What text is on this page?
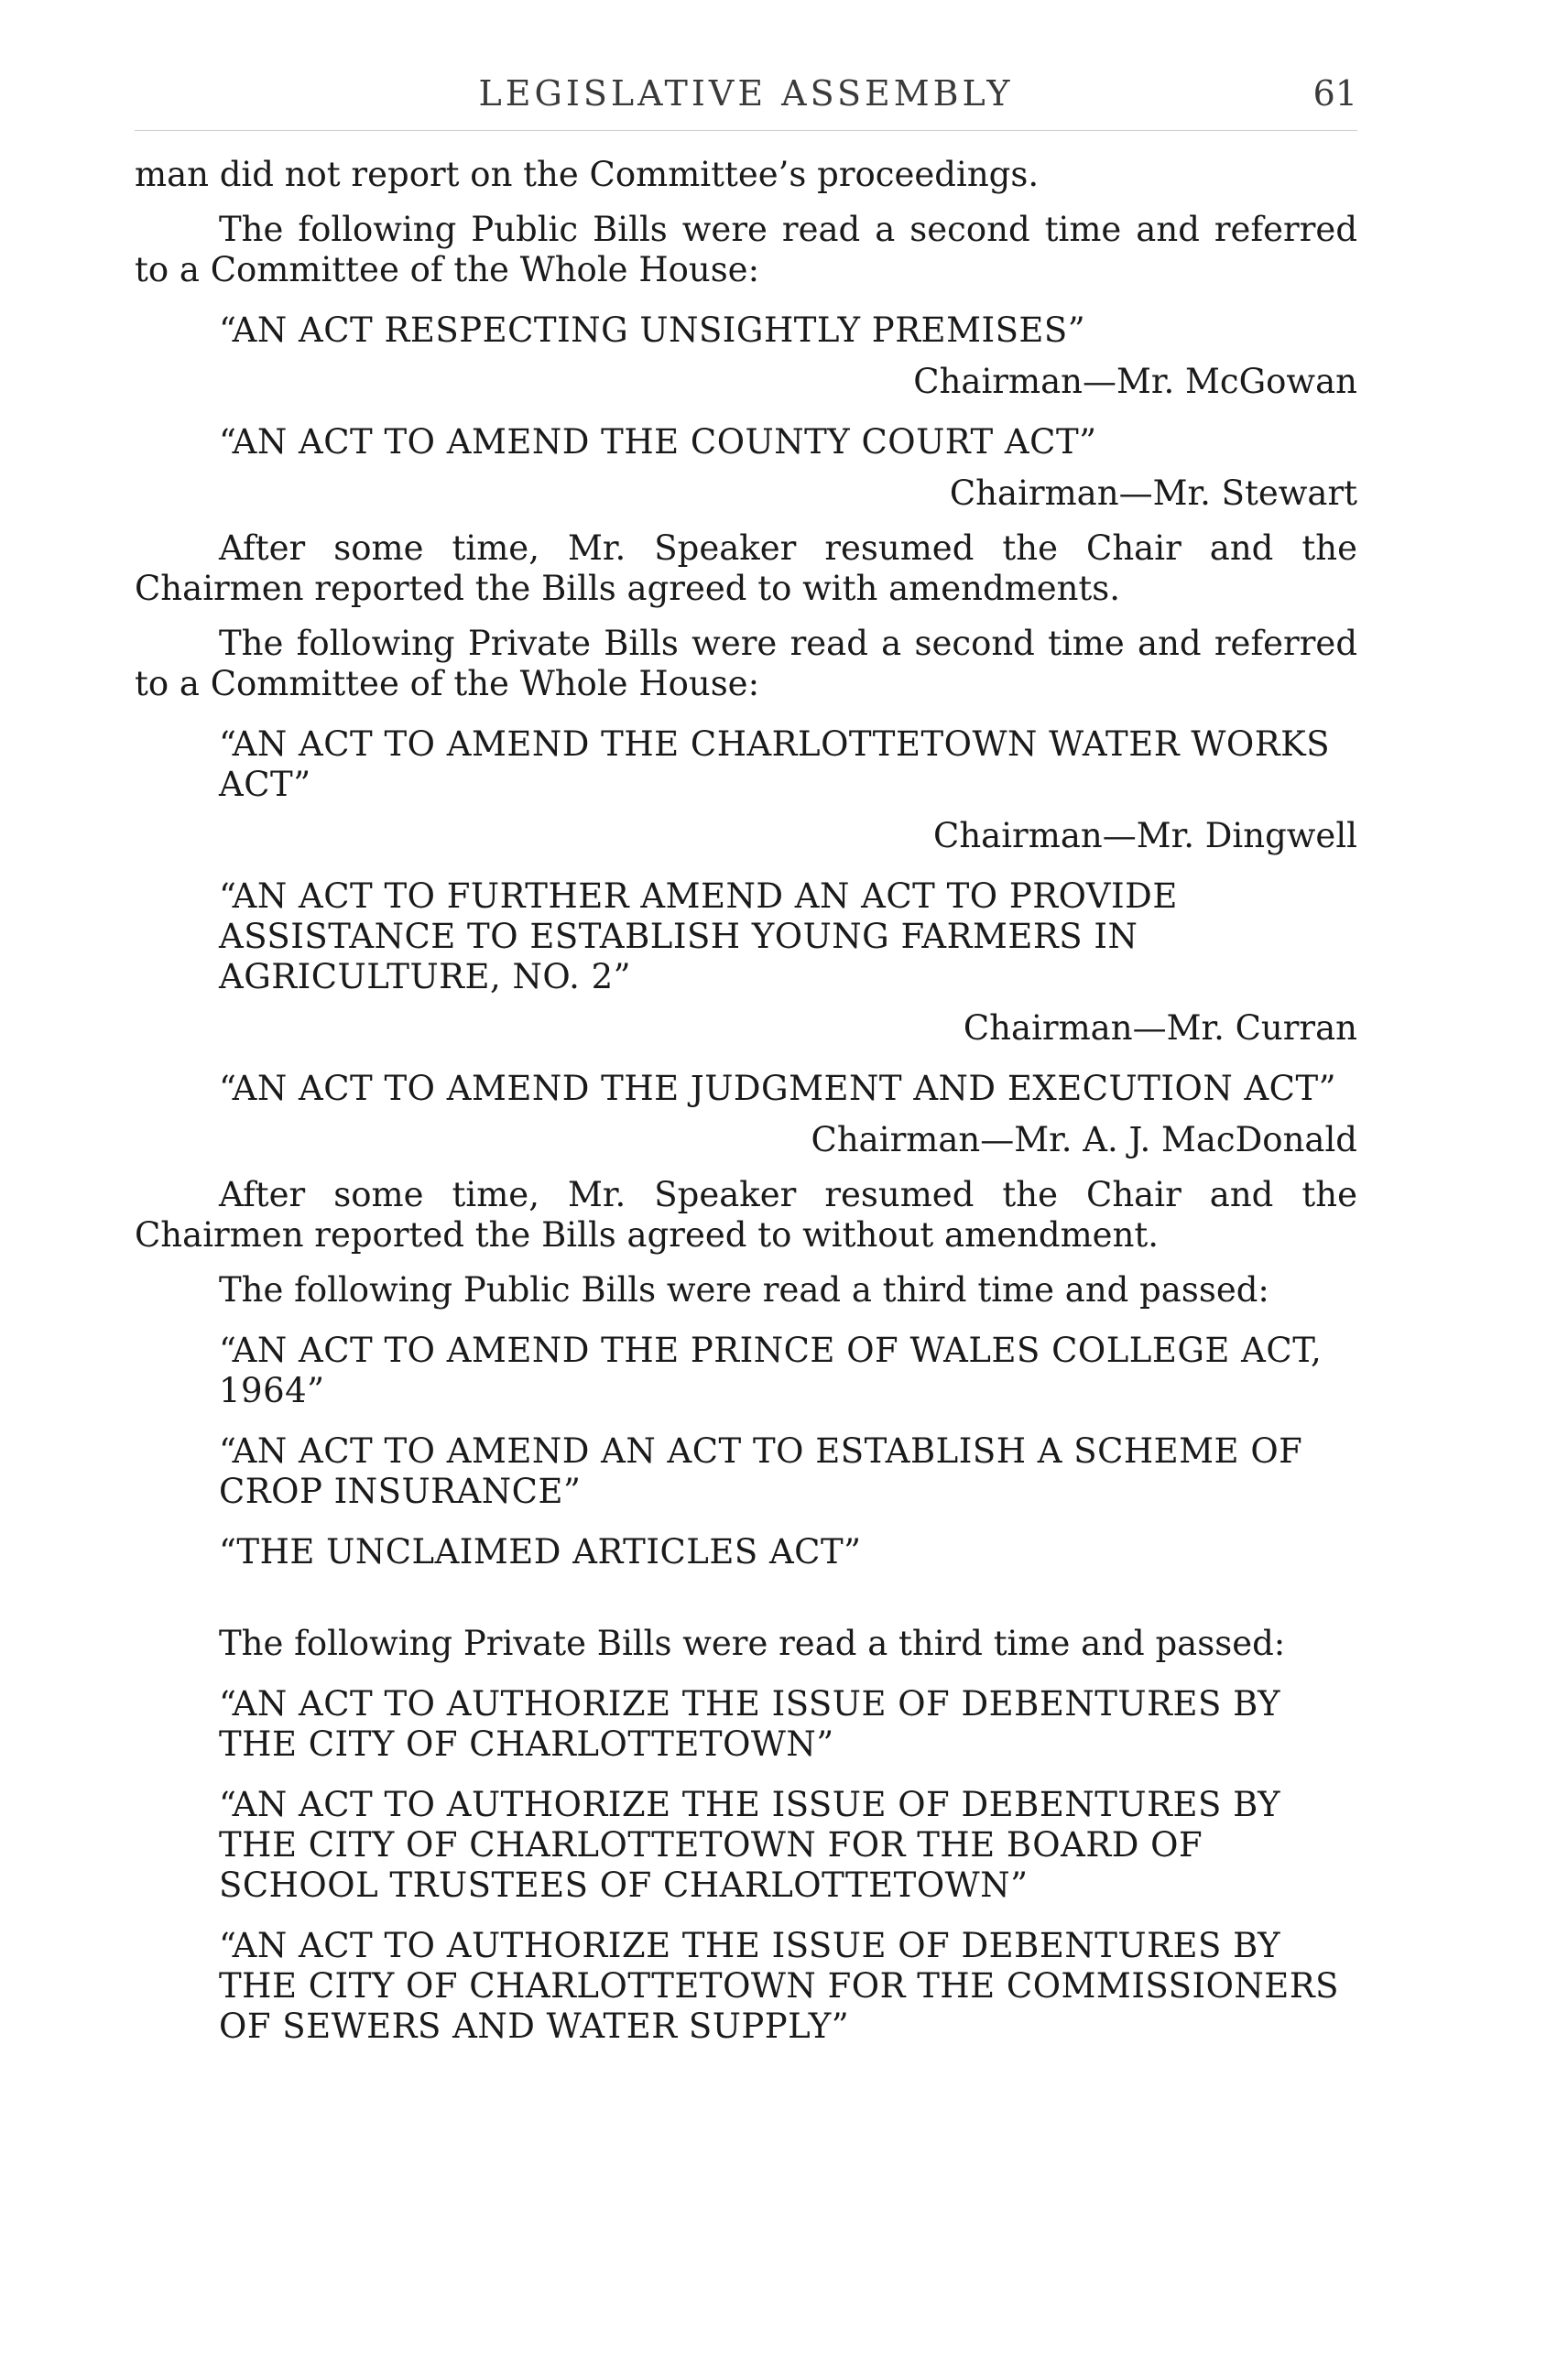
LEGISLATIVE ASSEMBLY	61

man did not report on the Committee’s proceedings.

The following Public Bills were read a second time and referred to a Committee of the Whole House:

“AN ACT RESPECTING UNSIGHTLY PREMISES”

Chairman—Mr. McGowan

“AN ACT TO AMEND THE COUNTY COURT ACT”

Chairman—Mr. Stewart

After some time, Mr. Speaker resumed the Chair and the Chairmen reported the Bills agreed to with amendments.

The following Private Bills were read a second time and referred to a Committee of the Whole House:

“AN ACT TO AMEND THE CHARLOTTETOWN WATER WORKS ACT”

Chairman—Mr. Dingwell

“AN ACT TO FURTHER AMEND AN ACT TO PROVIDE ASSISTANCE TO ESTABLISH YOUNG FARMERS IN AGRICULTURE, NO. 2”

Chairman—Mr. Curran

“AN ACT TO AMEND THE JUDGMENT AND EXECUTION ACT”

Chairman—Mr. A. J. MacDonald

After some time, Mr. Speaker resumed the Chair and the Chairmen reported the Bills agreed to without amendment.

The following Public Bills were read a third time and passed:

“AN ACT TO AMEND THE PRINCE OF WALES COLLEGE ACT, 1964”

“AN ACT TO AMEND AN ACT TO ESTABLISH A SCHEME OF CROP INSURANCE”

“THE UNCLAIMED ARTICLES ACT”

The following Private Bills were read a third time and passed:

“AN ACT TO AUTHORIZE THE ISSUE OF DEBENTURES BY THE CITY OF CHARLOTTETOWN”

“AN ACT TO AUTHORIZE THE ISSUE OF DEBENTURES BY THE CITY OF CHARLOTTETOWN FOR THE BOARD OF SCHOOL TRUSTEES OF CHARLOTTETOWN”

“AN ACT TO AUTHORIZE THE ISSUE OF DEBENTURES BY THE CITY OF CHARLOTTETOWN FOR THE COMMISSIONERS OF SEWERS AND WATER SUPPLY”
